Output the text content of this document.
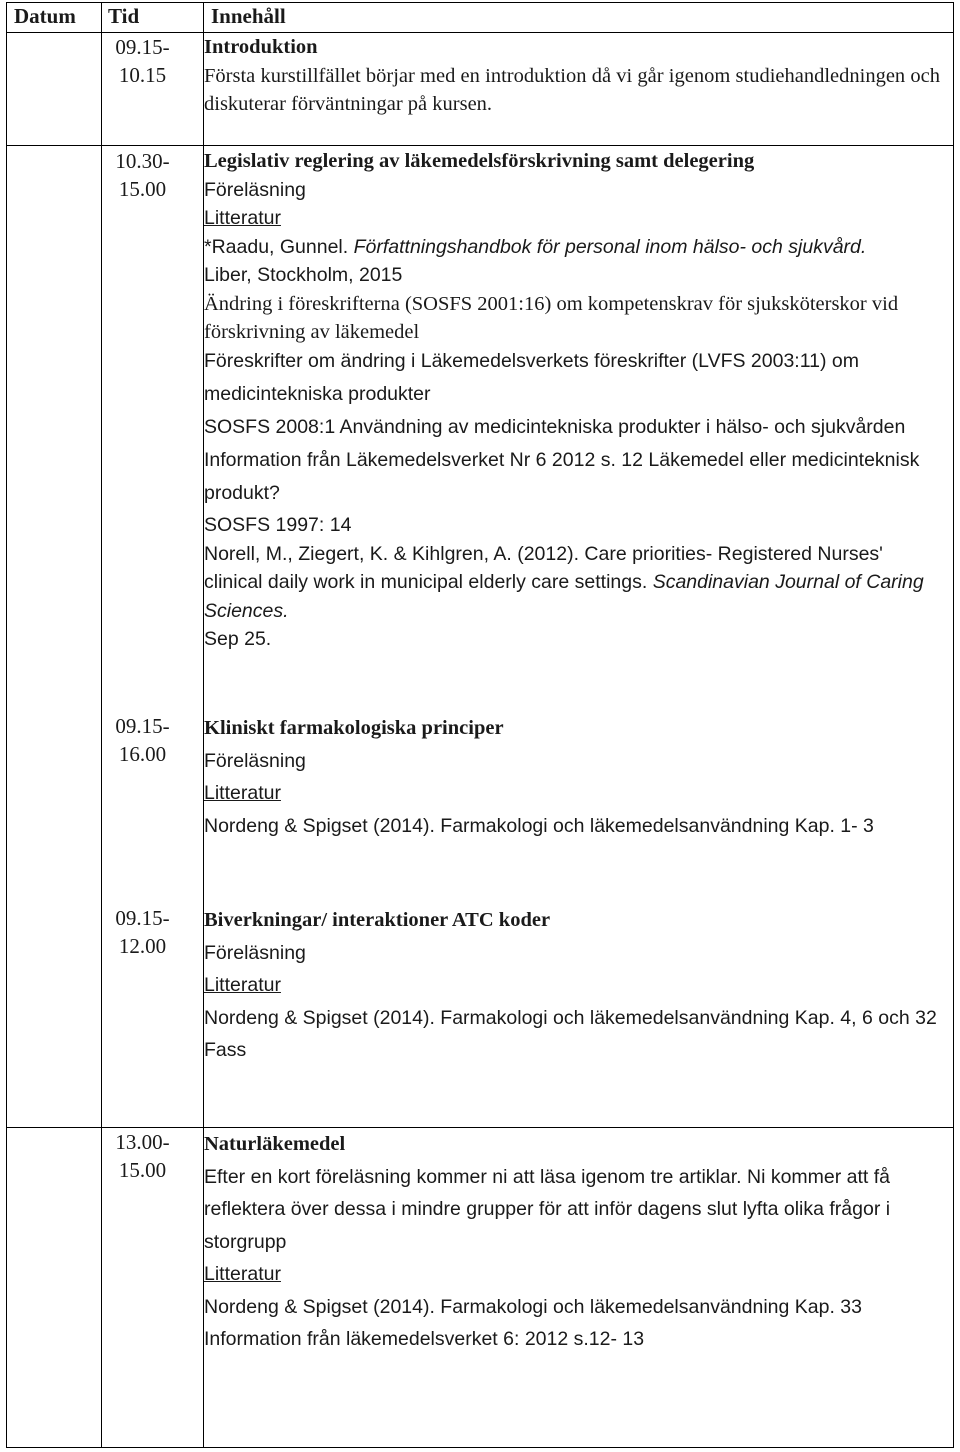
Datum Tid	Innehåll
09.15-
10.15
10.30-
15.00
09.15-
16.00
09.15-
12.00
13.00-
15.00

Introduktion

Första kurstillfället börjar med en introduktion då vi går igenom studiehandledningen och diskuterar förväntningar på kursen.

Legislativ reglering av läkemedelsförskrivning samt delegering

Föreläsning

Litteratur

*Raadu, Gunnel. Författningshandbok för personal inom hälso- och sjukvård.

Liber, Stockholm, 2015

Ändring i föreskrifterna (SOSFS 2001:16) om kompetenskrav för sjuksköterskor vid förskrivning av läkemedel

Föreskrifter om ändring i Läkemedelsverkets föreskrifter (LVFS 2003:11) om medicintekniska produkter

SOSFS 2008:1 Användning av medicintekniska produkter i hälso- och sjukvården

Information från Läkemedelsverket Nr 6 2012 s. 12 Läkemedel eller medicinteknisk produkt?

SOSFS 1997: 14

Norell, M., Ziegert, K. & Kihlgren, A. (2012). Care priorities- Registered Nurses' clinical daily work in municipal elderly care settings. Scandinavian Journal of Caring Sciences.

Sep 25.

Kliniskt farmakologiska principer

Föreläsning

Litteratur

Nordeng & Spigset (2014). Farmakologi och läkemedelsanvändning Kap. 1- 3

Biverkningar/ interaktioner ATC koder

Föreläsning

Litteratur

Nordeng & Spigset (2014). Farmakologi och läkemedelsanvändning Kap. 4, 6 och 32

Fass

Naturläkemedel

Efter en kort föreläsning kommer ni att läsa igenom tre artiklar. Ni kommer att få reflektera över dessa i mindre grupper för att inför dagens slut lyfta olika frågor i storgrupp

Litteratur

Nordeng & Spigset (2014). Farmakologi och läkemedelsanvändning Kap. 33

Information från läkemedelsverket 6: 2012 s.12- 13
